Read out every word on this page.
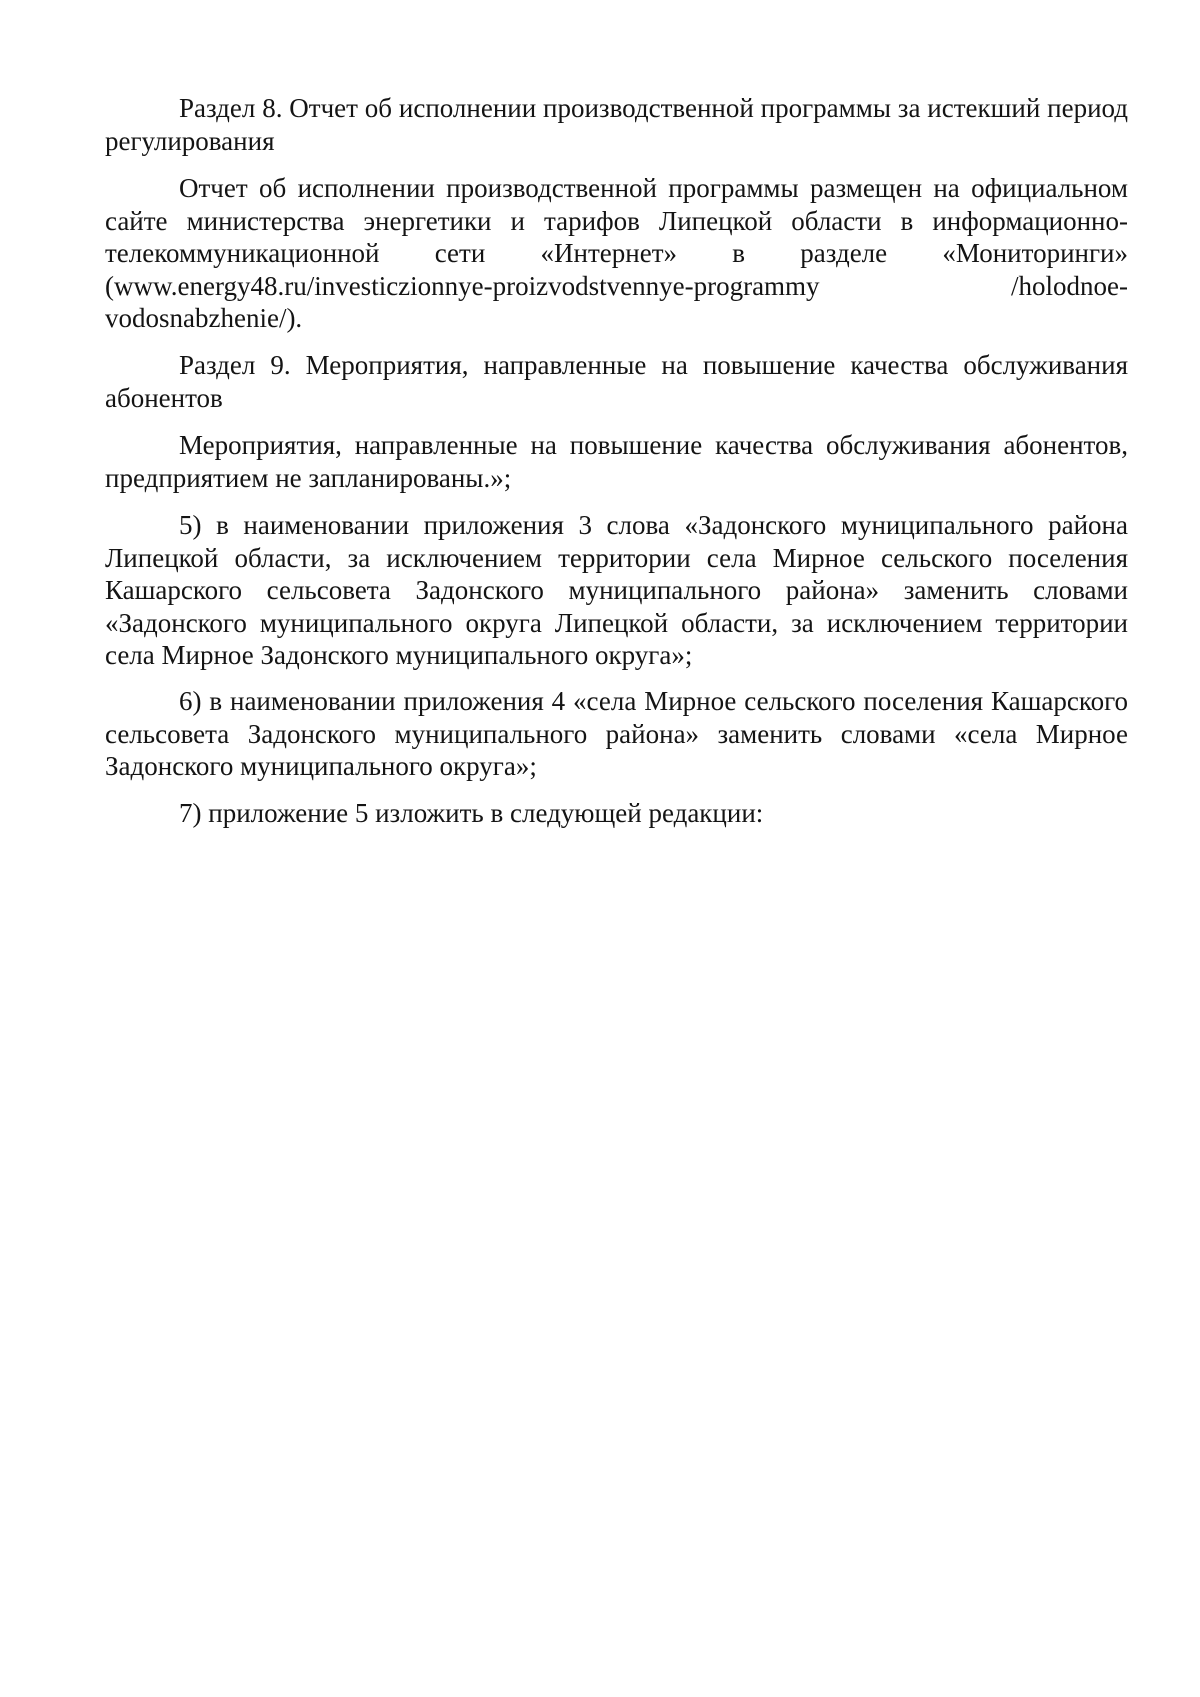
Раздел 8. Отчет об исполнении производственной программы за истекший период регулирования

Отчет об исполнении производственной программы размещен на официальном сайте министерства энергетики и тарифов Липецкой области в информационно-телекоммуникационной сети «Интернет» в разделе «Мониторинги» (www.energy48.ru/investiczionnye-proizvodstvennye-programmy /holodnoe-vodosnabzhenie/).

Раздел 9. Мероприятия, направленные на повышение качества обслуживания абонентов

Мероприятия, направленные на повышение качества обслуживания абонентов, предприятием не запланированы.»;

5) в наименовании приложения 3 слова «Задонского муниципального района Липецкой области, за исключением территории села Мирное сельского поселения Кашарского сельсовета Задонского муниципального района» заменить словами «Задонского муниципального округа Липецкой области, за исключением территории села Мирное Задонского муниципального округа»;

6) в наименовании приложения 4 «села Мирное сельского поселения Кашарского сельсовета Задонского муниципального района» заменить словами «села Мирное Задонского муниципального округа»;

7) приложение 5 изложить в следующей редакции:
